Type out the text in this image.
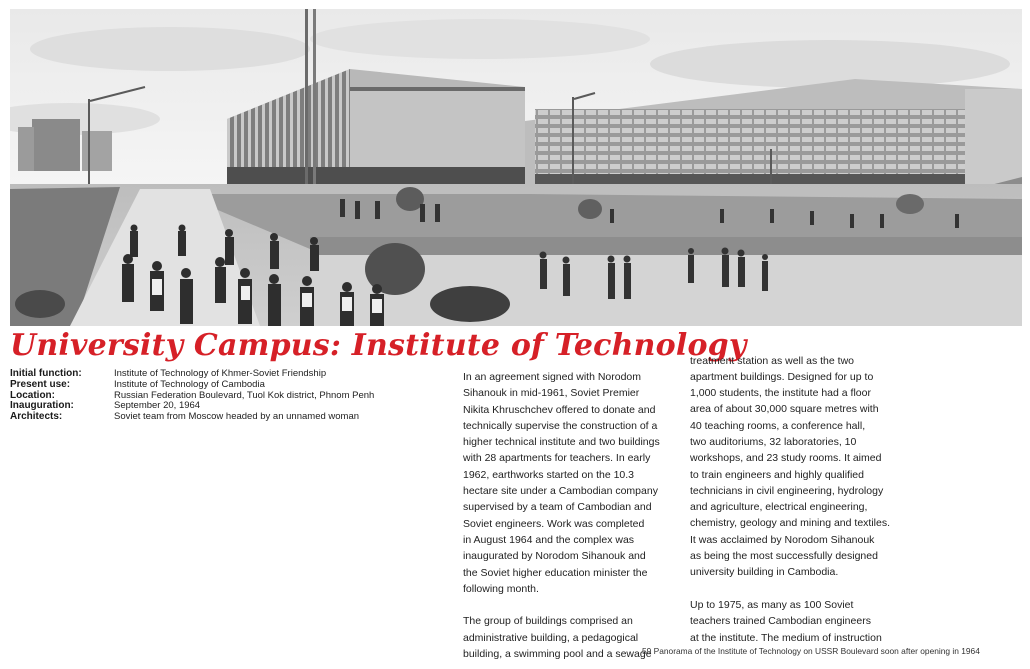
University Campus: Institute of Technology
Initial function:	Institute of Technology of Khmer-Soviet Friendship
Present use:	Institute of Technology of Cambodia
Location:	Russian Federation Boulevard, Tuol Kok district, Phnom Penh
Inauguration:	September 20, 1964
Architects:	Soviet team from Moscow headed by an unnamed woman

In an agreement signed with Norodom
Sihanouk in mid-1961, Soviet Premier
Nikita Khruschchev offered to donate and
technically supervise the construction of a
higher technical institute and two buildings
with 28 apartments for teachers. In early
1962, earthworks started on the 10.3
hectare site under a Cambodian company
supervised by a team of Cambodian and
Soviet engineers. Work was completed
in August 1964 and the complex was
inaugurated by Norodom Sihanouk and
the Soviet higher education minister the
following month.

The group of buildings comprised an
administrative building, a pedagogical
building, a swimming pool and a sewage

treatment station as well as the two
apartment buildings. Designed for up to
1,000 students, the institute had a floor
area of about 30,000 square metres with
40 teaching rooms, a conference hall,
two auditoriums, 32 laboratories, 10
workshops, and 23 study rooms. It aimed
to train engineers and highly qualified
technicians in civil engineering, hydrology
and agriculture, electrical engineering,
chemistry, geology and mining and textiles.
It was acclaimed by Norodom Sihanouk
as being the most successfully designed
university building in Cambodia.

Up to 1975, as many as 100 Soviet
teachers trained Cambodian engineers
at the institute. The medium of instruction

59 Panorama of the Institute of Technology on USSR Boulevard soon after opening in 1964
